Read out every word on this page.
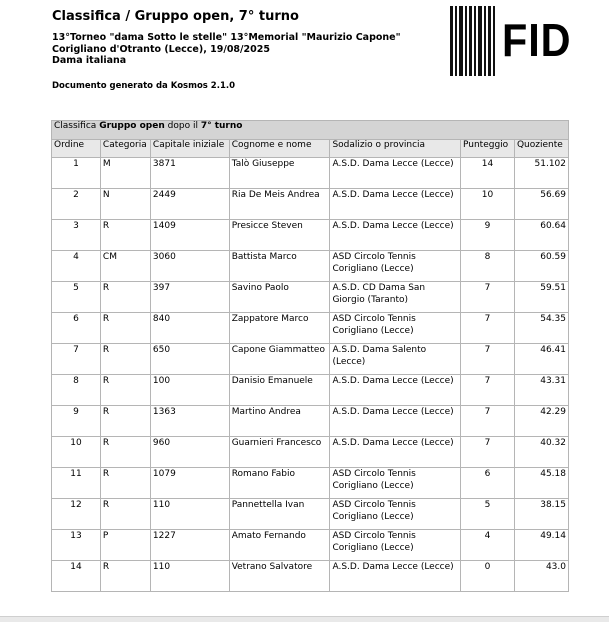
Classifica / Gruppo open, 7° turno
13°Torneo "dama Sotto le stelle" 13°Memorial "Maurizio Capone"
Corigliano d'Otranto (Lecce), 19/08/2025
Dama italiana
Documento generato da Kosmos 2.1.0
FID
Classifica Gruppo open dopo il 7° turno						
Ordine	Categoria	Capitale iniziale	Cognome e nome	Sodalizio o provincia	Punteggio	Quoziente
1	M	3871	Talò Giuseppe	A.S.D. Dama Lecce (Lecce)	14	51.102
2	N	2449	Ria De Meis Andrea	A.S.D. Dama Lecce (Lecce)	10	56.69
3	R	1409	Presicce Steven	A.S.D. Dama Lecce (Lecce)	9	60.64
4	CM	3060	Battista Marco	ASD Circolo Tennis Corigliano (Lecce)	8	60.59
5	R	397	Savino Paolo	A.S.D. CD Dama San Giorgio (Taranto)	7	59.51
6	R	840	Zappatore Marco	ASD Circolo Tennis Corigliano (Lecce)	7	54.35
7	R	650	Capone Giammatteo	A.S.D. Dama Salento (Lecce)	7	46.41
8	R	100	Danisio Emanuele	A.S.D. Dama Lecce (Lecce)	7	43.31
9	R	1363	Martino Andrea	A.S.D. Dama Lecce (Lecce)	7	42.29
10	R	960	Guarnieri Francesco	A.S.D. Dama Lecce (Lecce)	7	40.32
11	R	1079	Romano Fabio	ASD Circolo Tennis Corigliano (Lecce)	6	45.18
12	R	110	Pannettella Ivan	ASD Circolo Tennis Corigliano (Lecce)	5	38.15
13	P	1227	Amato Fernando	ASD Circolo Tennis Corigliano (Lecce)	4	49.14
14	R	110	Vetrano Salvatore	A.S.D. Dama Lecce (Lecce)	0	43.0
